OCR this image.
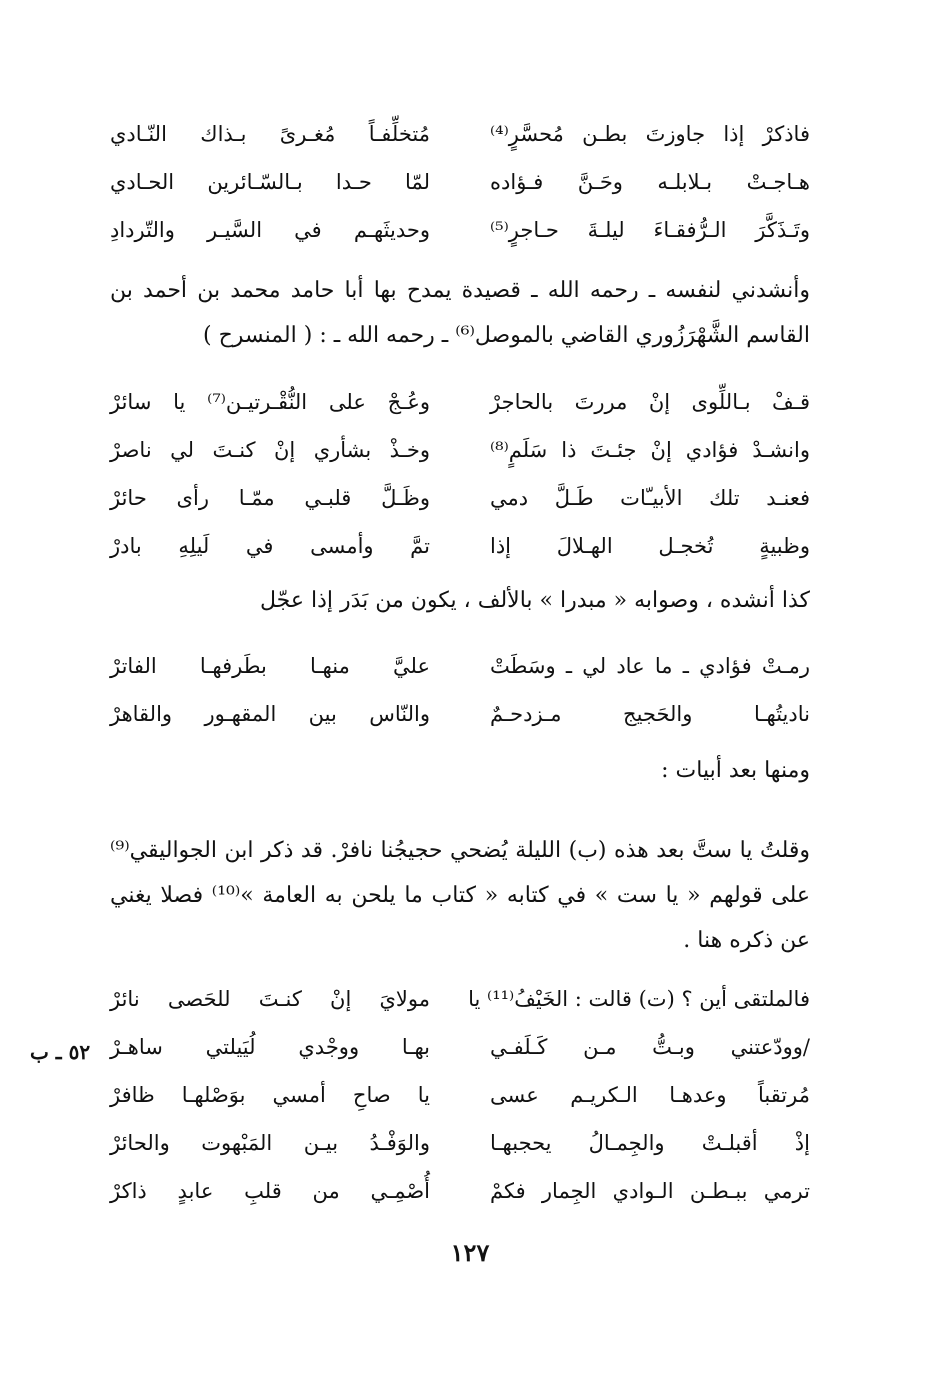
فاذكرْ إذا جاوزتَ بطـن مُحسَّرٍ⁽⁴⁾
مُتخلِّفـاً مُغـرىً بـذاك النّـادي
هـاجـتْ بـلابلـه وحَـنَّ فـؤاده
لمّا حـدا بـالسّـائرين الحـادي
وتَـذَكَّرَ الـرُّفقـاءَ ليلـةَ حـاجرٍ⁽⁵⁾
وحديثَهـم في السَّيـر والتّردادِ
وأنشدني لنفسه ـ رحمه الله ـ قصيدة يمدح بها أبا حامد محمد بن أحمد بن القاسم الشَّهْرَزُوري القاضي بالموصل⁽⁶⁾ ـ رحمه الله ـ : ( المنسرح )
قـفْ بـاللِّوى إنْ مررتَ بالحاجرْ
وعُـجْ على النُّقْـرتيـن⁽⁷⁾ يا سائرْ
وانشـدْ فؤادي إنْ جئـتَ ذا سَلَمٍ⁽⁸⁾
وخـذْ بشأري إنْ كنـتَ لي ناصرْ
فعنـد تلك الأبيـّات طَـلَّ دمي
وظَـلَّ قلبـي ممّـا رأى حائرْ
وظبيةٍ تُخجـل الهـلالَ إذا
تمَّ وأمسى في لَيلِهِ بادرْ
كذا أنشده ، وصوابه « مبدرا » بالألف ، يكون من بَدَر إذا عجّل
رمـتْ فؤادي ـ ما عاد لي ـ وسَطَتْ
عليَّ منهـا بطَرفهـا الفاترْ
ناديتُهـا والحَجيج مـزدحـمٌ
والنّاس بين المقهـور والقاهرْ
ومنها بعد أبيات :
وقلتُ يا ستَّ بعد هذه (ب) الليلة يُضحي حجيجُنا نافرْ. قد ذكر ابن الجواليقي⁽⁹⁾ على قولهم « يا ست » في كتابه « كتاب ما يلحن به العامة »⁽¹⁰⁾ فصلا يغني عن ذكره هنا .
فالملتقى أين ؟ (ت) قالت : الخَيْفُ⁽¹¹⁾ يا
مولايَ إنْ كنـتَ للحَصى نائرْ
/وودّعتني وبـتُّ مـن كَـلَفـي
بهـا ووجْدي لُيَيلتي ساهـرْ
مُرتقباً وعدهـا الـكريـم عسى
يا صاحِ أمسي بوَصْلهـا ظافرْ
إذْ أقبلـتْ والجِمـالُ يحجبهـا
والوَفْـدُ بيـن المَبْهوت والحائرْ
ترمي ببـطـن الـوادي الجِمار فكمْ
أُصْمِـي من قلبِ عابدٍ ذاكرْ
٥٢ ـ ب
١٢٧
